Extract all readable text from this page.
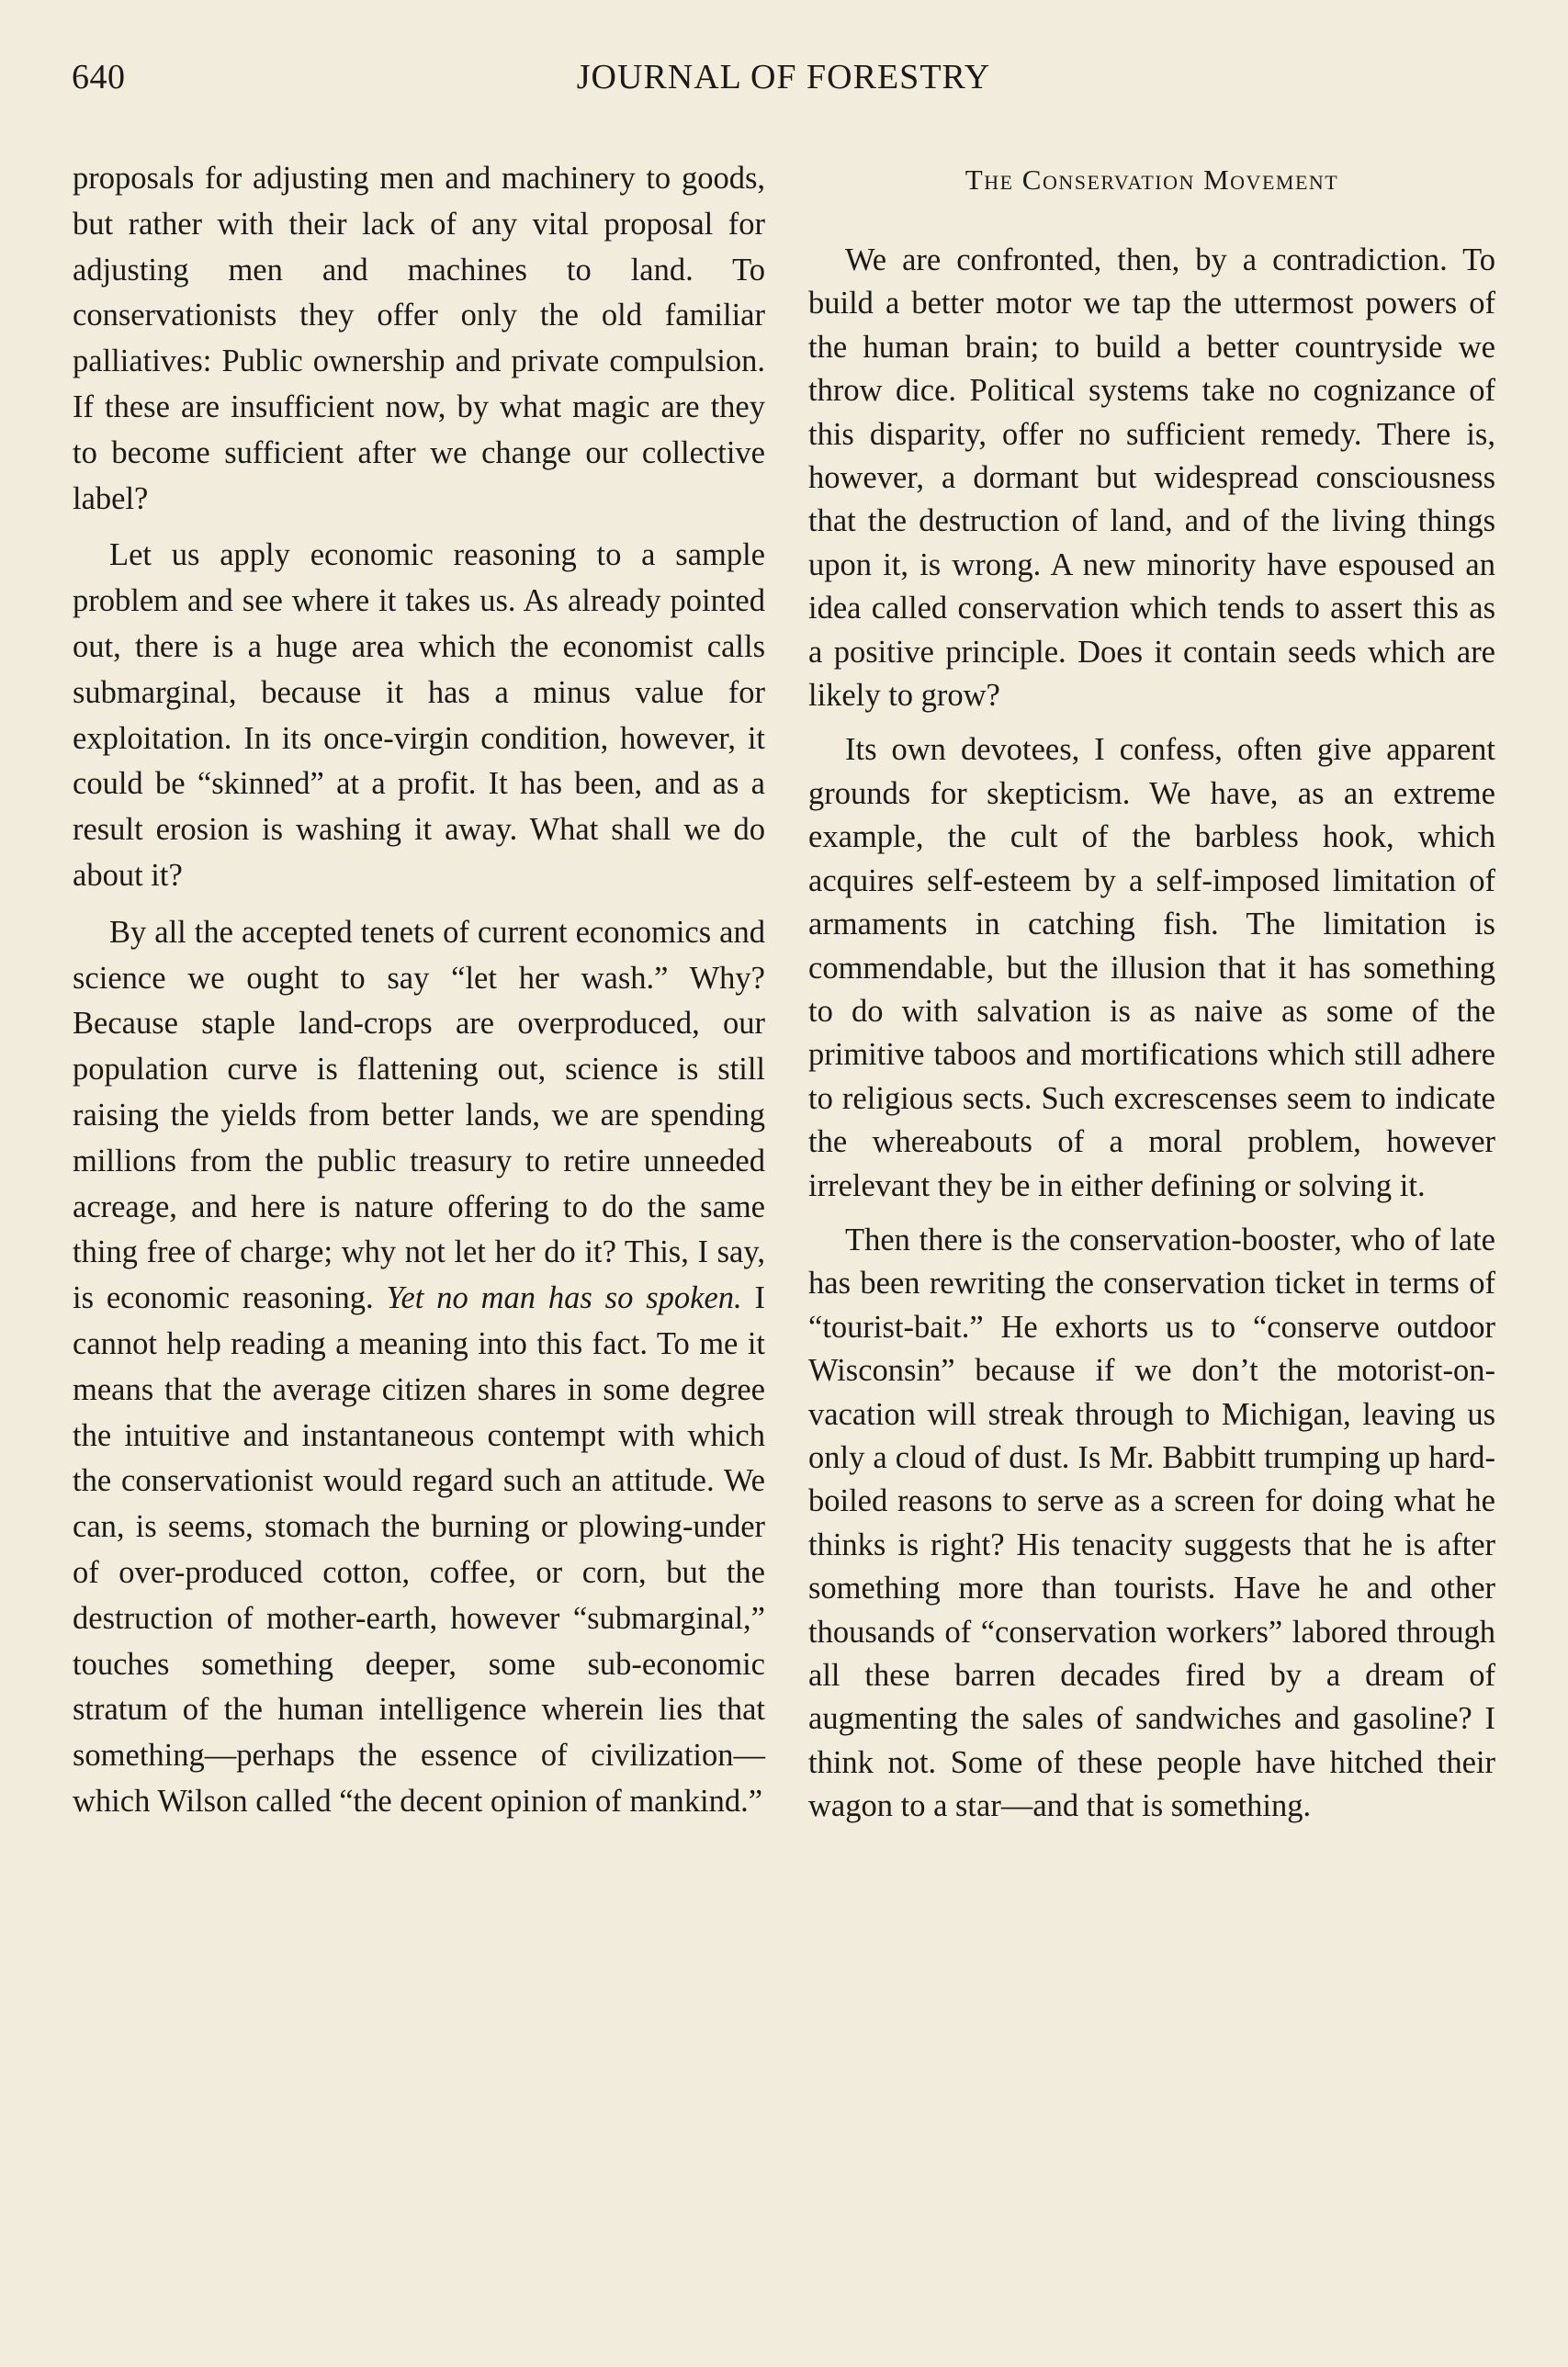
640	JOURNAL OF FORESTRY

proposals for adjusting men and machinery to goods, but rather with their lack of any vital proposal for adjusting men and machines to land. To conservationists they offer only the old familiar palliatives: Public ownership and private compulsion. If these are insufficient now, by what magic are they to become sufficient after we change our collective label?

Let us apply economic reasoning to a sample problem and see where it takes us. As already pointed out, there is a huge area which the economist calls submarginal, because it has a minus value for exploitation. In its once-virgin condition, however, it could be “skinned” at a profit. It has been, and as a result erosion is washing it away. What shall we do about it?

By all the accepted tenets of current economics and science we ought to say “let her wash.” Why? Because staple land-crops are overproduced, our population curve is flattening out, science is still raising the yields from better lands, we are spending millions from the public treasury to retire unneeded acreage, and here is nature offering to do the same thing free of charge; why not let her do it? This, I say, is economic reasoning. Yet no man has so spoken. I cannot help reading a meaning into this fact. To me it means that the average citizen shares in some degree the intuitive and instantaneous contempt with which the conservationist would regard such an attitude. We can, is seems, stomach the burning or plowing-under of over-produced cotton, coffee, or corn, but the destruction of mother-earth, however “submarginal,” touches something deeper, some sub-economic stratum of the human intelligence wherein lies that something—perhaps the essence of civilization—which Wilson called “the decent opinion of mankind.”

The Conservation Movement

We are confronted, then, by a contradiction. To build a better motor we tap the uttermost powers of the human brain; to build a better countryside we throw dice. Political systems take no cognizance of this disparity, offer no sufficient remedy. There is, however, a dormant but widespread consciousness that the destruction of land, and of the living things upon it, is wrong. A new minority have espoused an idea called conservation which tends to assert this as a positive principle. Does it contain seeds which are likely to grow?

Its own devotees, I confess, often give apparent grounds for skepticism. We have, as an extreme example, the cult of the barbless hook, which acquires self-esteem by a self-imposed limitation of armaments in catching fish. The limitation is commendable, but the illusion that it has something to do with salvation is as naive as some of the primitive taboos and mortifications which still adhere to religious sects. Such excrescenses seem to indicate the whereabouts of a moral problem, however irrelevant they be in either defining or solving it.

Then there is the conservation-booster, who of late has been rewriting the conservation ticket in terms of “tourist-bait.” He exhorts us to “conserve outdoor Wisconsin” because if we don’t the motorist-on-vacation will streak through to Michigan, leaving us only a cloud of dust. Is Mr. Babbitt trumping up hard-boiled reasons to serve as a screen for doing what he thinks is right? His tenacity suggests that he is after something more than tourists. Have he and other thousands of “conservation workers” labored through all these barren decades fired by a dream of augmenting the sales of sandwiches and gasoline? I think not. Some of these people have hitched their wagon to a star—and that is something.
